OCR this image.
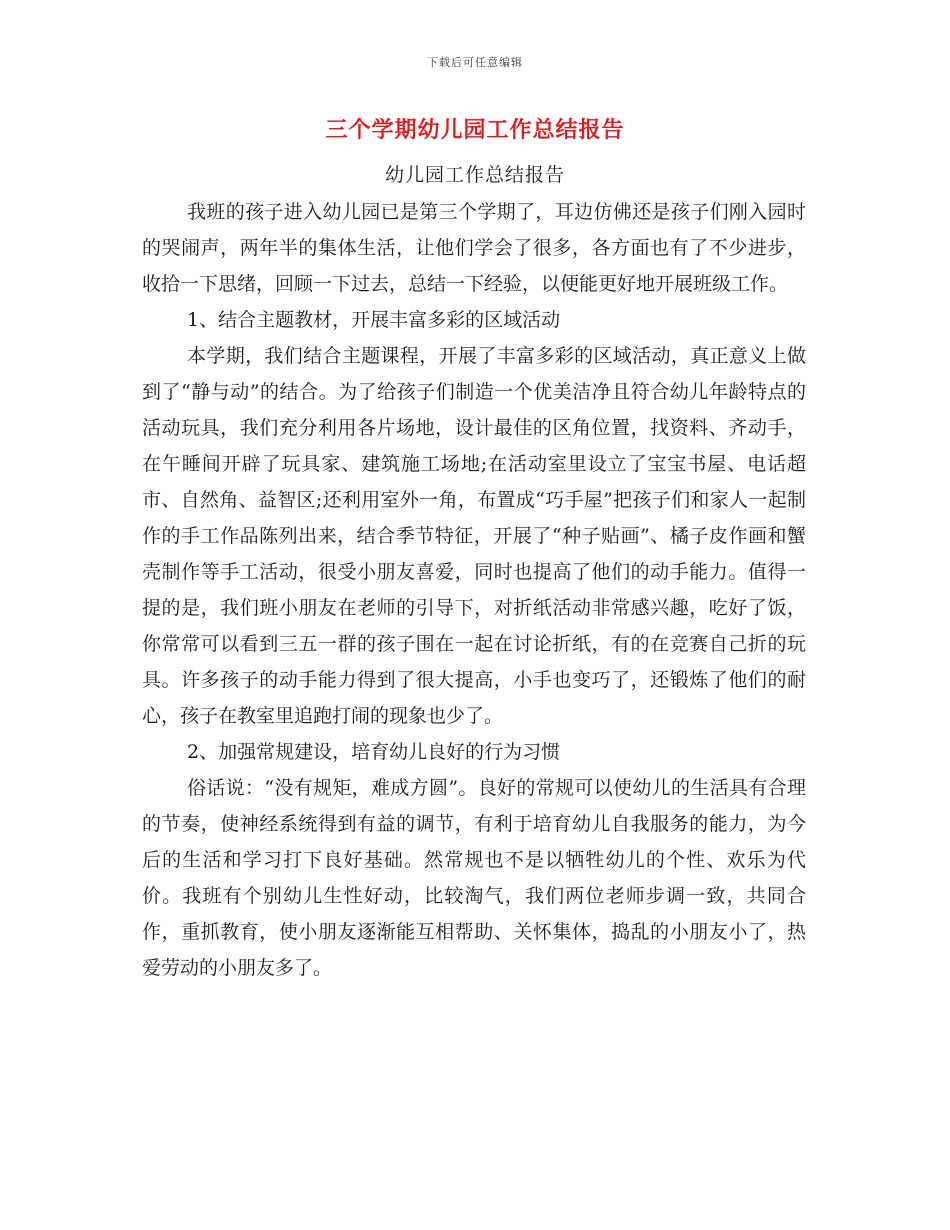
下载后可任意编辑
三个学期幼儿园工作总结报告
幼儿园工作总结报告

我班的孩子进入幼儿园已是第三个学期了，耳边仿佛还是孩子们刚入园时的哭闹声，两年半的集体生活，让他们学会了很多，各方面也有了不少进步，收拾一下思绪，回顾一下过去，总结一下经验，以便能更好地开展班级工作。

1、结合主题教材，开展丰富多彩的区域活动

本学期，我们结合主题课程，开展了丰富多彩的区域活动，真正意义上做到了“静与动”的结合。为了给孩子们制造一个优美洁净且符合幼儿年龄特点的活动玩具，我们充分利用各片场地，设计最佳的区角位置，找资料、齐动手，在午睡间开辟了玩具家、建筑施工场地;在活动室里设立了宝宝书屋、电话超市、自然角、益智区;还利用室外一角，布置成“巧手屋”把孩子们和家人一起制作的手工作品陈列出来，结合季节特征，开展了“种子贴画”、橘子皮作画和蟹壳制作等手工活动，很受小朋友喜爱，同时也提高了他们的动手能力。值得一提的是，我们班小朋友在老师的引导下，对折纸活动非常感兴趣，吃好了饭，你常常可以看到三五一群的孩子围在一起在讨论折纸，有的在竞赛自己折的玩具。许多孩子的动手能力得到了很大提高，小手也变巧了，还锻炼了他们的耐心，孩子在教室里追跑打闹的现象也少了。

2、加强常规建设，培育幼儿良好的行为习惯

俗话说：“没有规矩，难成方圆”。良好的常规可以使幼儿的生活具有合理的节奏，使神经系统得到有益的调节，有利于培育幼儿自我服务的能力，为今后的生活和学习打下良好基础。然常规也不是以牺牲幼儿的个性、欢乐为代价。我班有个别幼儿生性好动，比较淘气，我们两位老师步调一致，共同合作，重抓教育，使小朋友逐渐能互相帮助、关怀集体，捣乱的小朋友小了，热爱劳动的小朋友多了。
